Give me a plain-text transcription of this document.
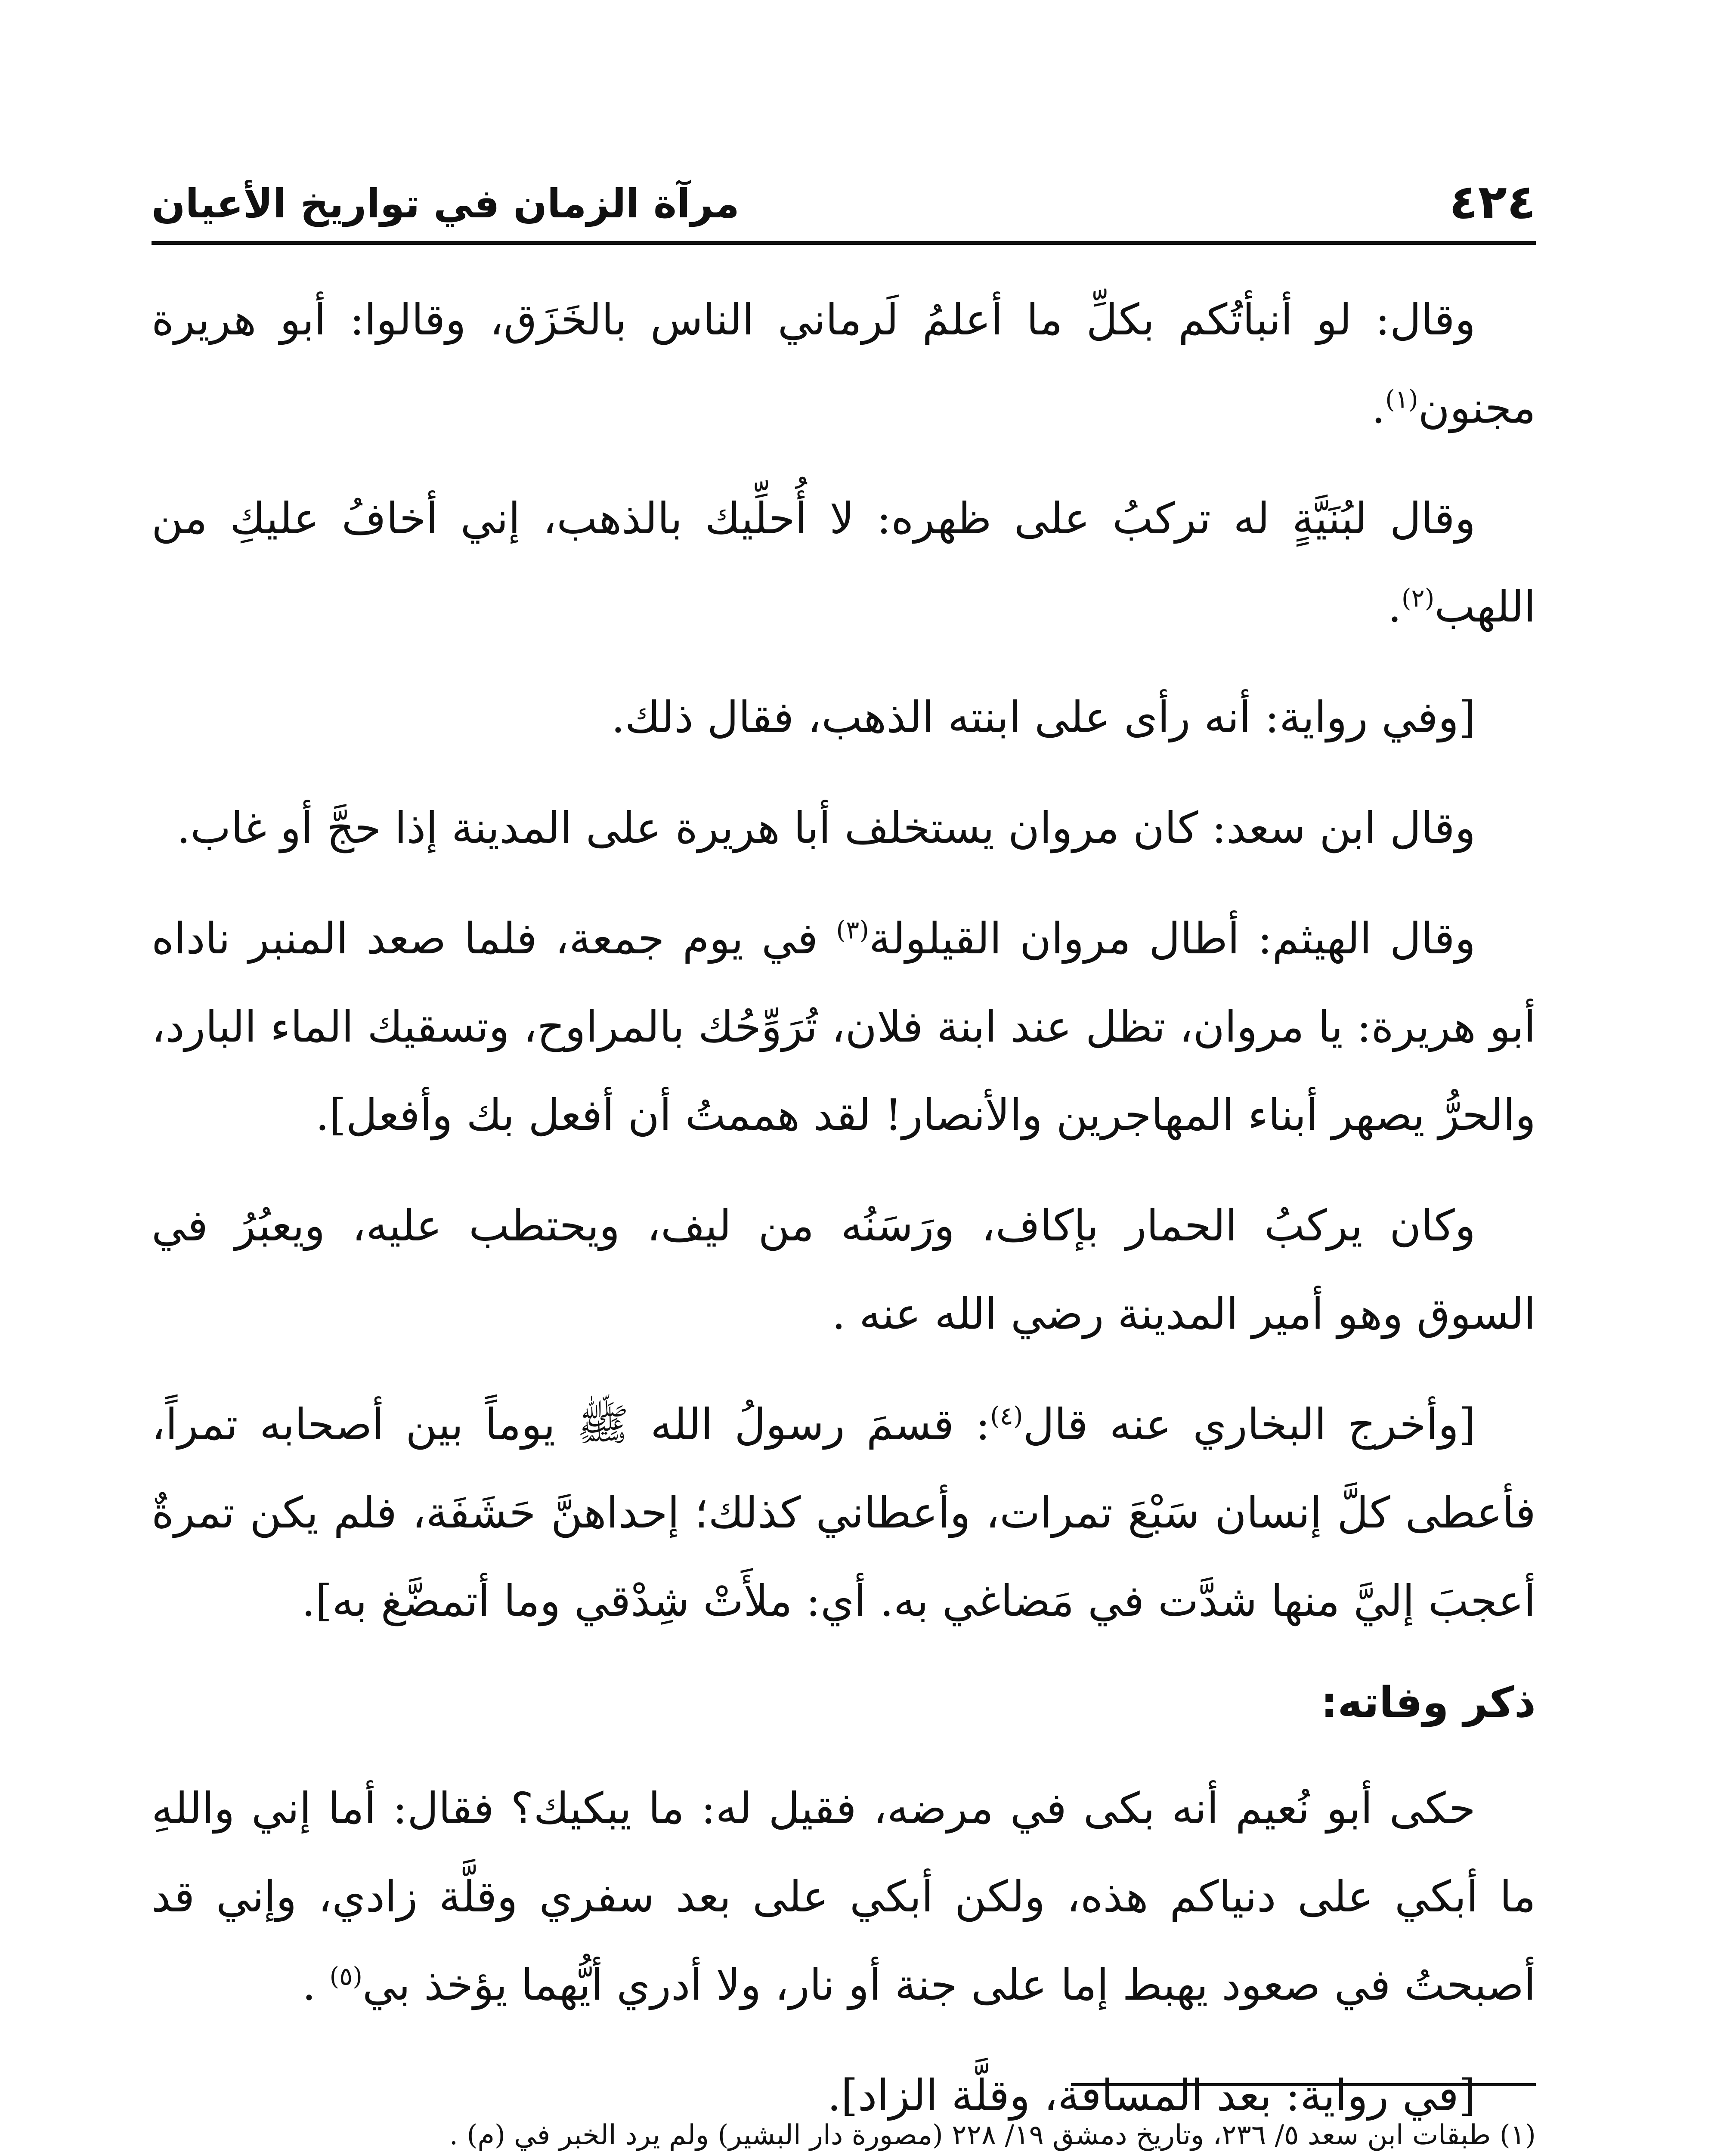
٤٢٤
مرآة الزمان في تواريخ الأعيان

وقال: لو أنبأتُكم بكلِّ ما أعلمُ لَرماني الناس بالخَزَق، وقالوا: أبو هريرة مجنون$^{(١)}$.

وقال لبُنَيَّةٍ له تركبُ على ظهره: لا أُحلِّيك بالذهب، إني أخافُ عليكِ من اللهب$^{(٢)}$.

[وفي رواية: أنه رأى على ابنته الذهب، فقال ذلك.

وقال ابن سعد: كان مروان يستخلف أبا هريرة على المدينة إذا حجَّ أو غاب.

وقال الهيثم: أطال مروان القيلولة$^{(٣)}$ في يوم جمعة، فلما صعد المنبر ناداه أبو هريرة: يا مروان، تظل عند ابنة فلان، تُرَوِّحُك بالمراوح، وتسقيك الماء البارد، والحرُّ يصهر أبناء المهاجرين والأنصار! لقد هممتُ أن أفعل بك وأفعل].

وكان يركبُ الحمار بإكاف، ورَسَنُه من ليف، ويحتطب عليه، ويعبُرُ في السوق وهو أمير المدينة رضي الله عنه .

[وأخرج البخاري عنه قال$^{(٤)}$: قسمَ رسولُ الله ﷺ يوماً بين أصحابه تمراً، فأعطى كلَّ إنسان سَبْعَ تمرات، وأعطاني كذلك؛ إحداهنَّ حَشَفَة، فلم يكن تمرةٌ أعجبَ إليَّ منها شدَّت في مَضاغي به. أي: ملأَتْ شِدْقي وما أتمضَّغ به].

ذكر وفاته:

حكى أبو نُعيم أنه بكى في مرضه، فقيل له: ما يبكيك؟ فقال: أما إني واللهِ ما أبكي على دنياكم هذه، ولكن أبكي على بعد سفري وقلَّة زادي، وإني قد أصبحتُ في صعود يهبط إما على جنة أو نار، ولا أدري أيُّهما يؤخذ بي$^{(٥)}$ .

[في رواية: بعد المسافة، وقلَّة الزاد].

(١) طبقات ابن سعد ٥/ ٢٣٦، وتاريخ دمشق ١٩/ ٢٢٨ (مصورة دار البشير) ولم يرد الخبر في (م) .
